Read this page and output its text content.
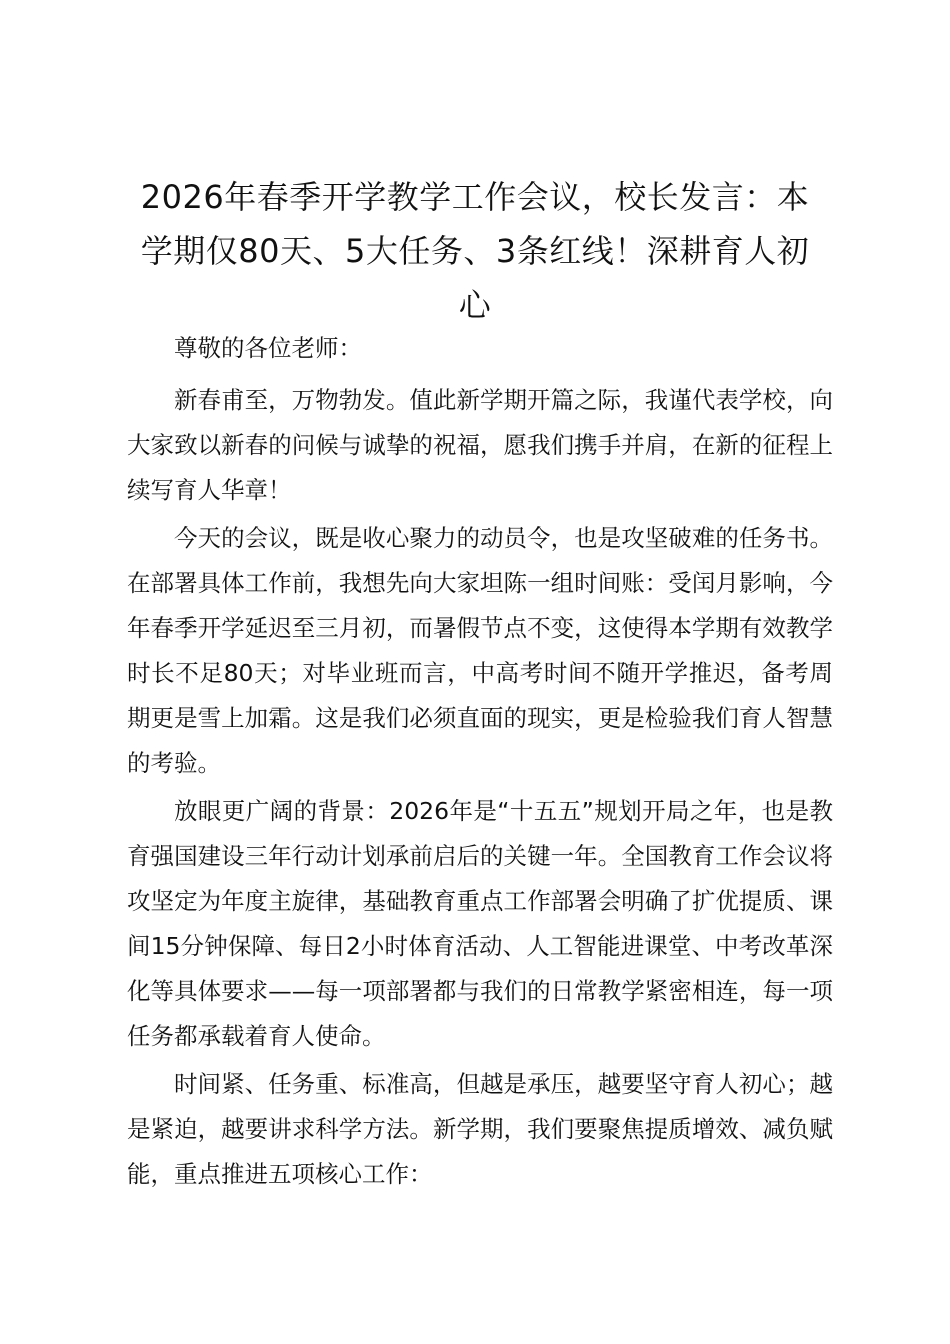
2026年春季开学教学工作会议，校长发言：本学期仅80天、5大任务、3条红线！深耕育人初心

尊敬的各位老师：

新春甫至，万物勃发。值此新学期开篇之际，我谨代表学校，向大家致以新春的问候与诚挚的祝福，愿我们携手并肩，在新的征程上续写育人华章！

今天的会议，既是收心聚力的动员令，也是攻坚破难的任务书。在部署具体工作前，我想先向大家坦陈一组时间账：受闰月影响，今年春季开学延迟至三月初，而暑假节点不变，这使得本学期有效教学时长不足80天；对毕业班而言，中高考时间不随开学推迟，备考周期更是雪上加霜。这是我们必须直面的现实，更是检验我们育人智慧的考验。

放眼更广阔的背景：2026年是“十五五”规划开局之年，也是教育强国建设三年行动计划承前启后的关键一年。全国教育工作会议将攻坚定为年度主旋律，基础教育重点工作部署会明确了扩优提质、课间15分钟保障、每日2小时体育活动、人工智能进课堂、中考改革深化等具体要求——每一项部署都与我们的日常教学紧密相连，每一项任务都承载着育人使命。

时间紧、任务重、标准高，但越是承压，越要坚守育人初心；越是紧迫，越要讲求科学方法。新学期，我们要聚焦提质增效、减负赋能，重点推进五项核心工作：
